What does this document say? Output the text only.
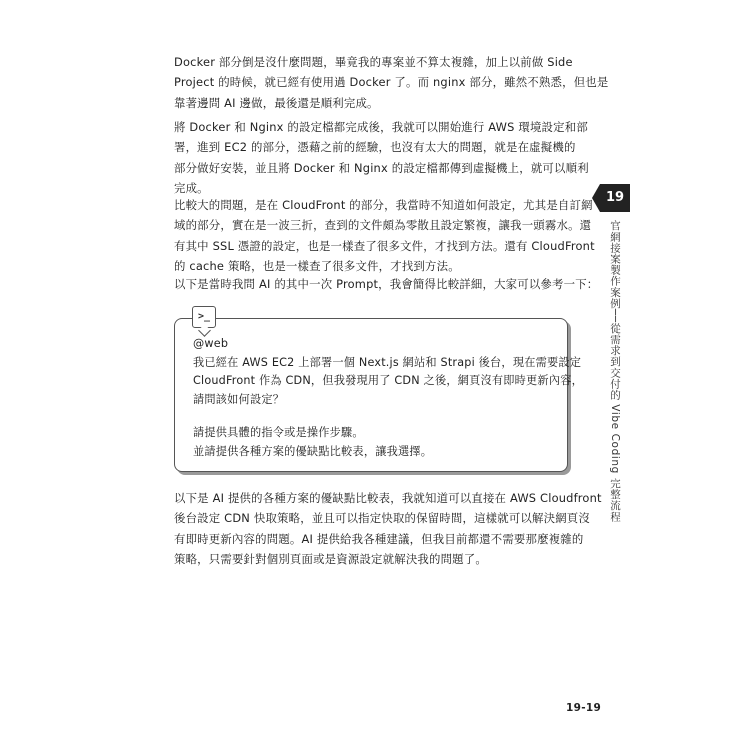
Docker 部分倒是沒什麼問題，畢竟我的專案並不算太複雜，加上以前做 Side
Project 的時候，就已經有使用過 Docker 了。而 nginx 部分，雖然不熟悉，但也是
靠著邊問 AI 邊做，最後還是順利完成。
將 Docker 和 Nginx 的設定檔都完成後，我就可以開始進行 AWS 環境設定和部
署，進到 EC2 的部分，憑藉之前的經驗，也沒有太大的問題，就是在虛擬機的
部分做好安裝，並且將 Docker 和 Nginx 的設定檔都傳到虛擬機上，就可以順利
完成。
比較大的問題，是在 CloudFront 的部分，我當時不知道如何設定，尤其是自訂網
域的部分，實在是一波三折，查到的文件頗為零散且設定繁複，讓我一頭霧水。還
有其中 SSL 憑證的設定，也是一樣查了很多文件，才找到方法。還有 CloudFront
的 cache 策略，也是一樣查了很多文件，才找到方法。
以下是當時我問 AI 的其中一次 Prompt，我會簡得比較詳細，大家可以參考一下：
>_
@web
我已經在 AWS EC2 上部署一個 Next.js 網站和 Strapi 後台，現在需要設定
CloudFront 作為 CDN，但我發現用了 CDN 之後，網頁沒有即時更新內容，
請問該如何設定？
請提供具體的指令或是操作步驟。
並請提供各種方案的優缺點比較表，讓我選擇。
以下是 AI 提供的各種方案的優缺點比較表，我就知道可以直接在 AWS Cloudfront
後台設定 CDN 快取策略，並且可以指定快取的保留時間，這樣就可以解決網頁沒
有即時更新內容的問題。AI 提供給我各種建議，但我目前都還不需要那麼複雜的
策略，只需要針對個別頁面或是資源設定就解決我的問題了。
19
官網接案製作案例──從需求到交付的 Vibe Coding 完整流程
19-19
